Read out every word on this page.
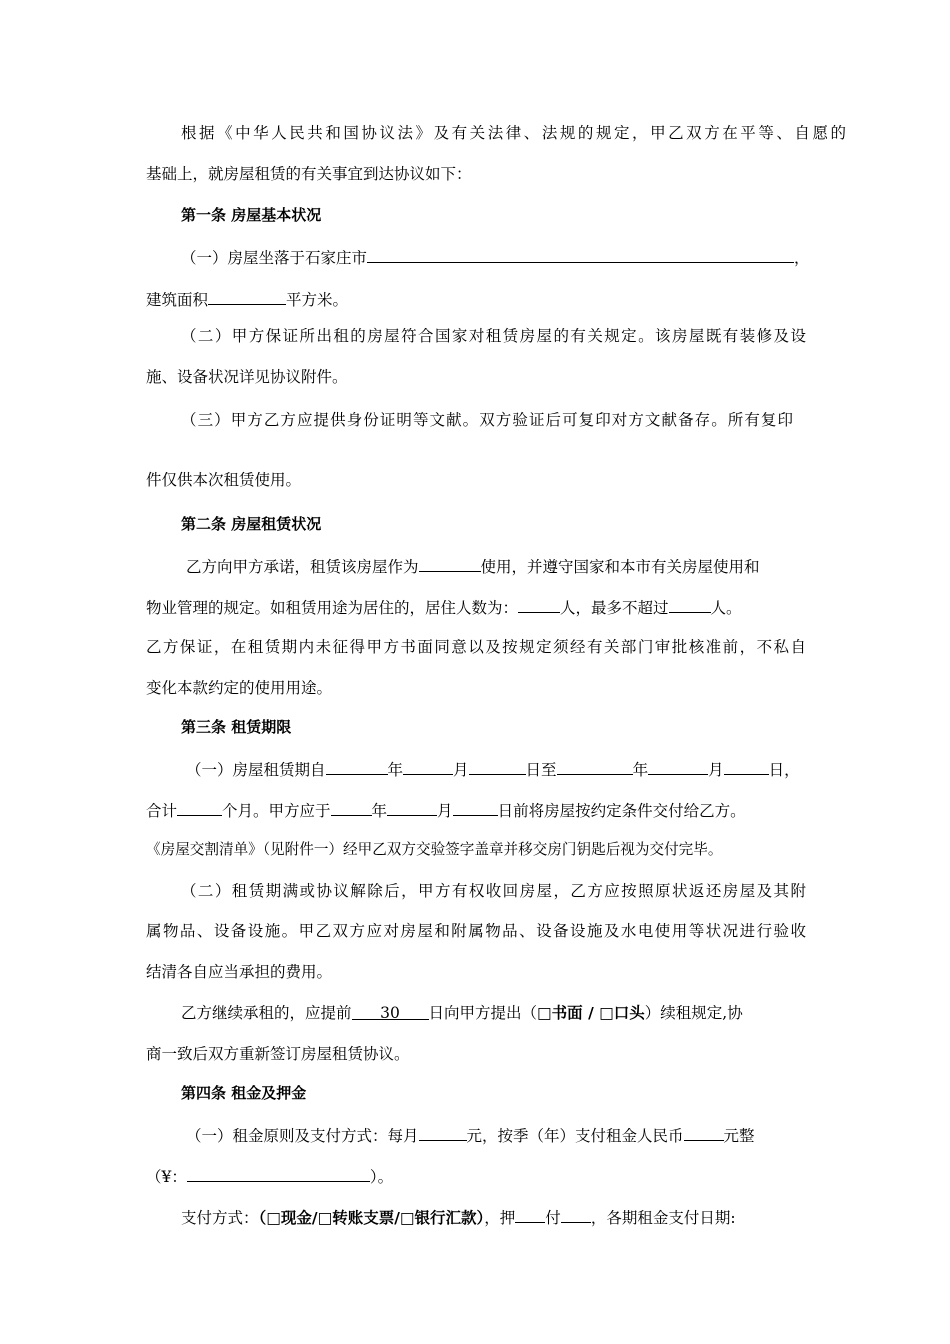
根据《中华人民共和国协议法》及有关法律、法规的规定，甲乙双方在平等、自愿的
基础上，就房屋租赁的有关事宜到达协议如下：
第一条 房屋基本状况
（一）房屋坐落于石家庄市	，
建筑面积	平方米。
（二）甲方保证所出租的房屋符合国家对租赁房屋的有关规定。该房屋既有装修及设
施、设备状况详见协议附件。
（三）甲方乙方应提供身份证明等文献。双方验证后可复印对方文献备存。所有复印
件仅供本次租赁使用。
第二条 房屋租赁状况
乙方向甲方承诺，租赁该房屋作为	使用，并遵守国家和本市有关房屋使用和
物业管理的规定。如租赁用途为居住的，居住人数为：	人，最多不超过	人。
乙方保证，在租赁期内未征得甲方书面同意以及按规定须经有关部门审批核准前，不私自
变化本款约定的使用用途。
第三条 租赁期限
（一）房屋租赁期自	年	月	日至	年	月	日，
合计	个月。甲方应于	年	月	日前将房屋按约定条件交付给乙方。
《房屋交割清单》（见附件一）经甲乙双方交验签字盖章并移交房门钥匙后视为交付完毕。
（二）租赁期满或协议解除后，甲方有权收回房屋，乙方应按照原状返还房屋及其附
属物品、设备设施。甲乙双方应对房屋和附属物品、设备设施及水电使用等状况进行验收
结清各自应当承担的费用。
乙方继续承租的，应提前 30 日向甲方提出（□书面 / □口头）续租规定,协
商一致后双方重新签订房屋租赁协议。
第四条 租金及押金
（一）租金原则及支付方式：每月	元，按季（年）支付租金人民币	元整
（¥：	）。
支付方式：（□现金/□转账支票/□银行汇款），押 付 ，各期租金支付日期:
